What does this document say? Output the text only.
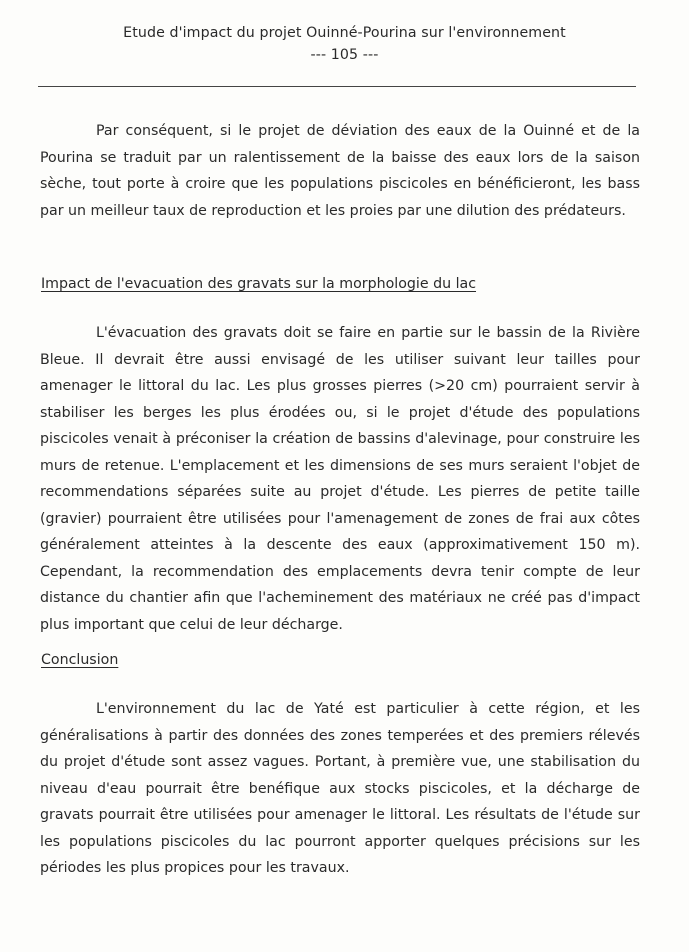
Etude d'impact du projet Ouinné-Pourina sur l'environnement
--- 105 ---

Par conséquent, si le projet de déviation des eaux de la Ouinné et de la Pourina se traduit par un ralentissement de la baisse des eaux lors de la saison sèche, tout porte à croire que les populations piscicoles en bénéficieront, les bass par un meilleur taux de reproduction et les proies par une dilution des prédateurs.

Impact de l'evacuation des gravats sur la morphologie du lac

L'évacuation des gravats doit se faire en partie sur le bassin de la Rivière Bleue. Il devrait être aussi envisagé de les utiliser suivant leur tailles pour amenager le littoral du lac. Les plus grosses pierres (>20 cm) pourraient servir à stabiliser les berges les plus érodées ou, si le projet d'étude des populations piscicoles venait à préconiser la création de bassins d'alevinage, pour construire les murs de retenue. L'emplacement et les dimensions de ses murs seraient l'objet de recommendations séparées suite au projet d'étude. Les pierres de petite taille (gravier) pourraient être utilisées pour l'amenagement de zones de frai aux côtes généralement atteintes à la descente des eaux (approximativement 150 m). Cependant, la recommendation des emplacements devra tenir compte de leur distance du chantier afin que l'acheminement des matériaux ne créé pas d'impact plus important que celui de leur décharge.

Conclusion

L'environnement du lac de Yaté est particulier à cette région, et les généralisations à partir des données des zones temperées et des premiers rélevés du projet d'étude sont assez vagues. Portant, à première vue, une stabilisation du niveau d'eau pourrait être benéfique aux stocks piscicoles, et la décharge de gravats pourrait être utilisées pour amenager le littoral. Les résultats de l'étude sur les populations piscicoles du lac pourront apporter quelques précisions sur les périodes les plus propices pour les travaux.
